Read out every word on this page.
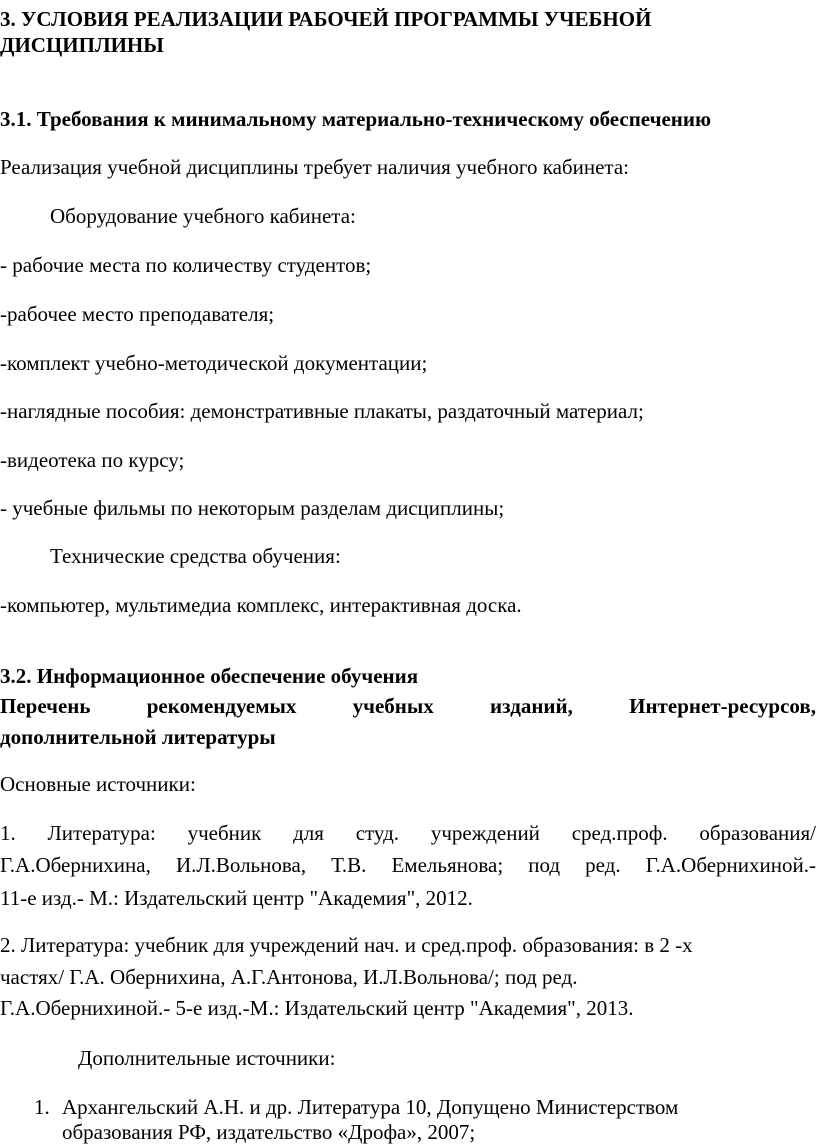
3. УСЛОВИЯ РЕАЛИЗАЦИИ РАБОЧЕЙ ПРОГРАММЫ УЧЕБНОЙ
ДИСЦИПЛИНЫ
3.1. Требования к минимальному материально-техническому обеспечению
Реализация учебной дисциплины требует наличия учебного кабинета:
Оборудование учебного кабинета:
- рабочие места по количеству студентов;
-рабочее место преподавателя;
-комплект учебно-методической документации;
-наглядные пособия: демонстративные плакаты, раздаточный материал;
-видеотека по курсу;
- учебные фильмы по некоторым разделам дисциплины;
Технические средства обучения:
-компьютер, мультимедиа комплекс, интерактивная доска.
3.2. Информационное обеспечение обучения
Перечень	рекомендуемых	учебных	изданий,	Интернет-ресурсов,
дополнительной литературы
Основные источники:
1. Литература: учебник для студ. учреждений сред.проф. образования/
Г.А.Обернихина, И.Л.Вольнова, Т.В. Емельянова; под ред. Г.А.Обернихиной.-
11-е изд.- М.: Издательский центр "Академия", 2012.
2. Литература: учебник для учреждений нач. и сред.проф. образования: в 2 -х
частях/ Г.А. Обернихина, А.Г.Антонова, И.Л.Вольнова/; под ред.
Г.А.Обернихиной.- 5-е изд.-М.: Издательский центр "Академия", 2013.
Дополнительные источники:
1. Архангельский А.Н. и др. Литература 10, Допущено Министерством
образования РФ, издательство «Дрофа», 2007;
